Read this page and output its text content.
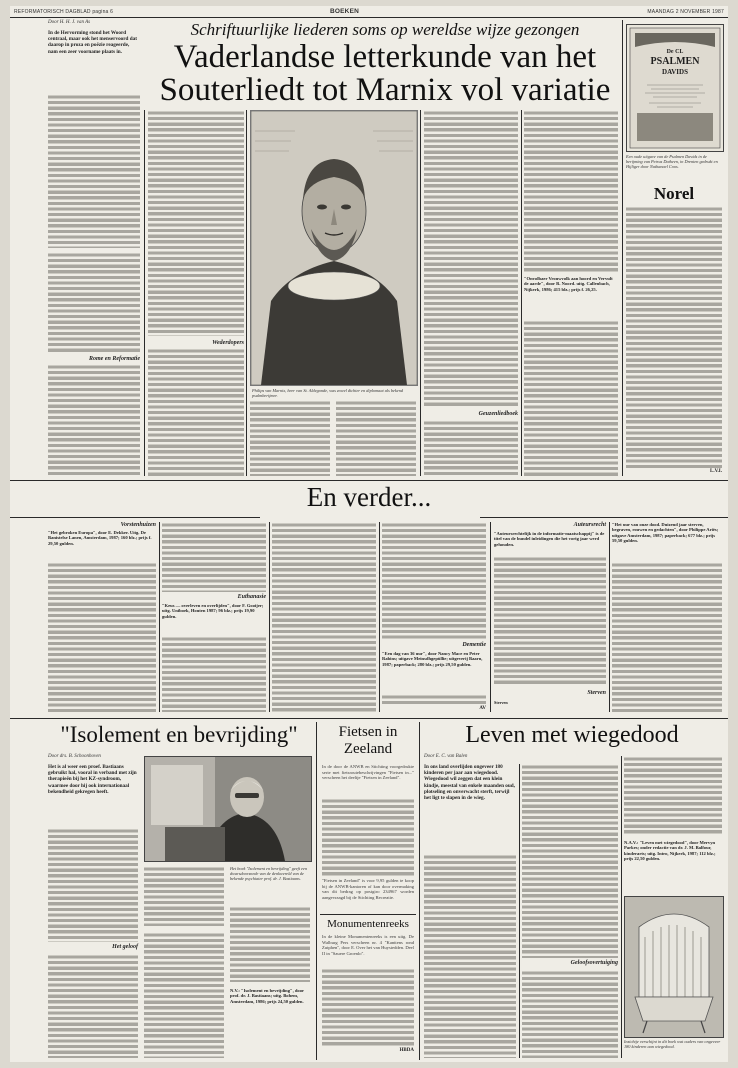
REFORMATORISCH DAGBLAD pagina 6	BOEKEN	MAANDAG 2 NOVEMBER 1987
Schriftuurlijke liederen soms op wereldse wijze gezongen
Vaderlandse letterkunde van het
Souterliedt tot Marnix vol variatie
Door H. H. J. van As
In de Hervorming stond het Woord centraal, maar ook het menservoord dat daarop in proza en poëzie reageerde, nam een zeer voorname plaats in.
Rome en Reformatie
Wederdopers
Philips van Marnix, heer van St. Aldegonde, was zowel dichter en diplomaat als bekend psalmberijmer.
Geuzenliedboek
"Onvolbaer Vrouwvolk aan hoord en Vervult de aarde", door R. Noord. uitg. Callenbach, Nijkerk, 1986; 415 blz.; prijs f. 26,25.
De CL
PSALMEN
DAVIDS
Een oude uitgave van de Psalmen Davids in de berijming van Petrus Datheen, in Drenten gedrukt en Hijliger door Nathanael Coos.
Norel
L.V.I.
En verder...
Vorstenhuizen
"Het gebroken Europa", door E. Dekker. Uitg. De Banistelse Lanen, Amsterdam, 1987; 160 blz.; prijs f. 29,50 gulden.
Euthanasie
"Keus — overleven en overlijden", door F. Gooijer; uitg. Uniboek, Houten 1987; 96 blz.; prijs 19,90 gulden.
Dementie
"Een dag van 36 uur", door Nancy Mace en Peter Rabins; uitgave Meinsdhgepüllie; uitgeverij Baarn, 1987; paperback; 280 blz.; prijs 29,50 gulden.
AV
Auteursrecht
"Auteursrechtelijk in de informatie-maatschappij" is de titel van de bundel inleidingen die het vorig jaar werd gehouden.
Sterven
Sterven
"Het uur van onze dood. Duizend jaar sterven, begraven, rouwen en gedachten", door Philippe Ariès; uitgave Amsterdam, 1987; paperback; 677 blz.; prijs 59,50 gulden.
"Isolement en bevrijding"
Door drs. B. Schoonhoven
Het is al weer een proef. Bastiaans gebruikt hal, vooral in verband met zijn therapieën bij het KZ-syndroom, waarmee door hij ook internationaal bekendheid gekregen heeft.
Het geloof
Het boek "Isolement en bevrijding" geeft een dwarsdoorsnede van de denkwereld van de bekende psychiater prof. dr. J. Bastiaans.
N.V.: "Isolement en bevrijding", door prof. dr. J. Bastiaans; uitg. Bohem, Amsterdam, 1986; prijs 24,50 gulden.
Fietsen in
Zeeland
In de door de ANWB en Stichting voorgedrukte serie met fietsroutebeschrijvingen "Fietsen in..." verscheen het deeltje "Fietsen in Zeeland".
"Fietsen in Zeeland" is voor 9,95 gulden te koop bij de ANWB-kantoren of kan door overmaking van dit bedrag op postgiro 234967 worden aangevraagd bij de Stichting Recreatie.
Monumentenreeks
In de kleine Monumentenreeks is een uitg. De Walburg Pers verscheen nr. 4 "Kanttens rond Zutphen", door E. Over het van Huystedden. Deel II in "Sauere Groenlo".
HBDA
Leven met wiegedood
Door E. C. van Balen
In ons land overlijden ongeveer 180 kinderen per jaar aan wiegedood. Wiegedood wil zeggen dat een klein kindje, meestal van enkele maanden oud, plotseling en onverwacht sterft, terwijl het ligt te slapen in de wieg.
Geloofsovertuiging
N.A.V.: "Leven met wiegedood", door Mervyn Parkes; onder redactie van dr. J. M. Balfour, kinderarts; uitg. Intro, Nijkerk, 1987; 112 blz.; prijs 22,50 gulden.
Inzichtje verschijnt in dit boek wat ouders van ongeveer 180 kinderen aan wiegedood.
